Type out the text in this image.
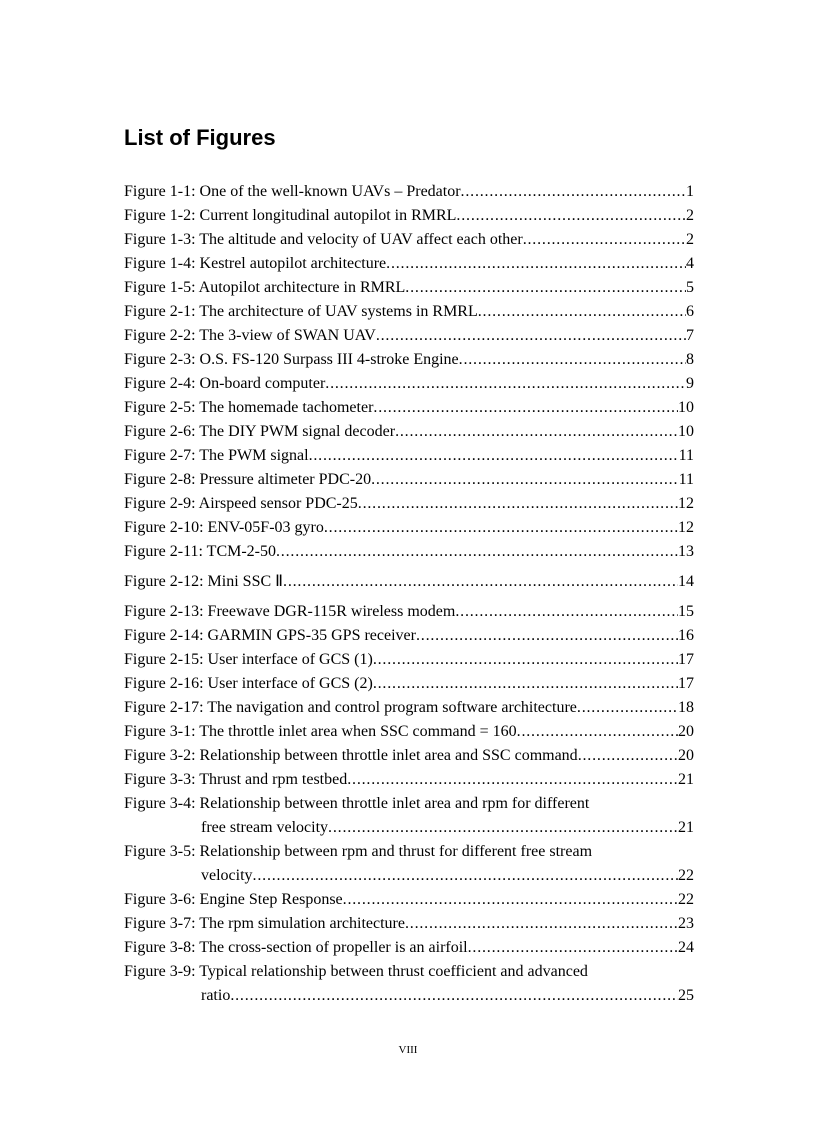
List of Figures
Figure 1-1: One of the well-known UAVs – Predator . . .	1
Figure 1-2: Current longitudinal autopilot in RMRL . . .	2
Figure 1-3: The altitude and velocity of UAV affect each other . . .	2
Figure 1-4: Kestrel autopilot architecture . . .	4
Figure 1-5: Autopilot architecture in RMRL . . .	5
Figure 2-1: The architecture of UAV systems in RMRL . . .	6
Figure 2-2: The 3-view of SWAN UAV . . .	7
Figure 2-3: O.S. FS-120 Surpass III 4-stroke Engine . . .	8
Figure 2-4: On-board computer . . .	9
Figure 2-5: The homemade tachometer . . .	10
Figure 2-6: The DIY PWM signal decoder . . .	10
Figure 2-7: The PWM signal . . .	11
Figure 2-8: Pressure altimeter PDC-20 . . .	11
Figure 2-9: Airspeed sensor PDC-25 . . .	12
Figure 2-10: ENV-05F-03 gyro . . .	12
Figure 2-11: TCM-2-50 . . .	13
Figure 2-12: Mini SSC Ⅱ . . .	14
Figure 2-13: Freewave DGR-115R wireless modem . . .	15
Figure 2-14: GARMIN GPS-35 GPS receiver . . .	16
Figure 2-15: User interface of GCS (1) . . .	17
Figure 2-16: User interface of GCS (2) . . .	17
Figure 2-17: The navigation and control program software architecture . . .	18
Figure 3-1: The throttle inlet area when SSC command = 160 . . .	20
Figure 3-2: Relationship between throttle inlet area and SSC command . . .	20
Figure 3-3: Thrust and rpm testbed . . .	21
Figure 3-4: Relationship between throttle inlet area and rpm for different
free stream velocity . . .	21
Figure 3-5: Relationship between rpm and thrust for different free stream
velocity . . .	22
Figure 3-6: Engine Step Response . . .	22
Figure 3-7: The rpm simulation architecture . . .	23
Figure 3-8: The cross-section of propeller is an airfoil . . .	24
Figure 3-9: Typical relationship between thrust coefficient and advanced
ratio . . .	25
VIII
